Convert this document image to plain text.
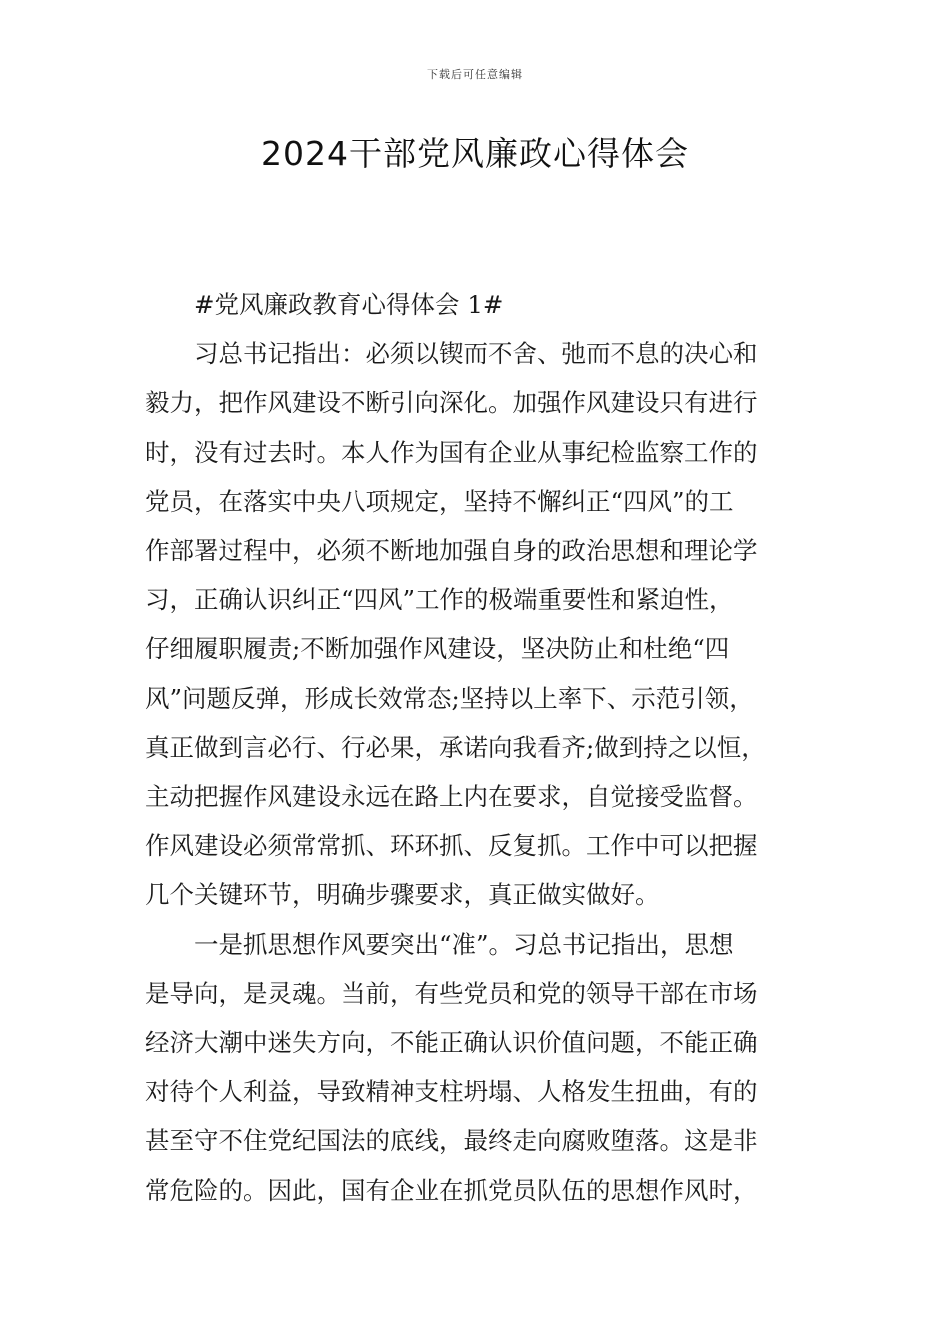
下载后可任意编辑
2024干部党风廉政心得体会

#党风廉政教育心得体会 1#

习总书记指出：必须以锲而不舍、弛而不息的决心和
毅力，把作风建设不断引向深化。加强作风建设只有进行
时，没有过去时。本人作为国有企业从事纪检监察工作的
党员，在落实中央八项规定，坚持不懈纠正“四风”的工
作部署过程中，必须不断地加强自身的政治思想和理论学
习，正确认识纠正“四风”工作的极端重要性和紧迫性，
仔细履职履责;不断加强作风建设，坚决防止和杜绝“四
风”问题反弹，形成长效常态;坚持以上率下、示范引领，
真正做到言必行、行必果，承诺向我看齐;做到持之以恒，
主动把握作风建设永远在路上内在要求，自觉接受监督。
作风建设必须常常抓、环环抓、反复抓。工作中可以把握
几个关键环节，明确步骤要求，真正做实做好。

一是抓思想作风要突出“准”。习总书记指出，思想
是导向，是灵魂。当前，有些党员和党的领导干部在市场
经济大潮中迷失方向，不能正确认识价值问题，不能正确
对待个人利益，导致精神支柱坍塌、人格发生扭曲，有的
甚至守不住党纪国法的底线，最终走向腐败堕落。这是非
常危险的。因此，国有企业在抓党员队伍的思想作风时，
